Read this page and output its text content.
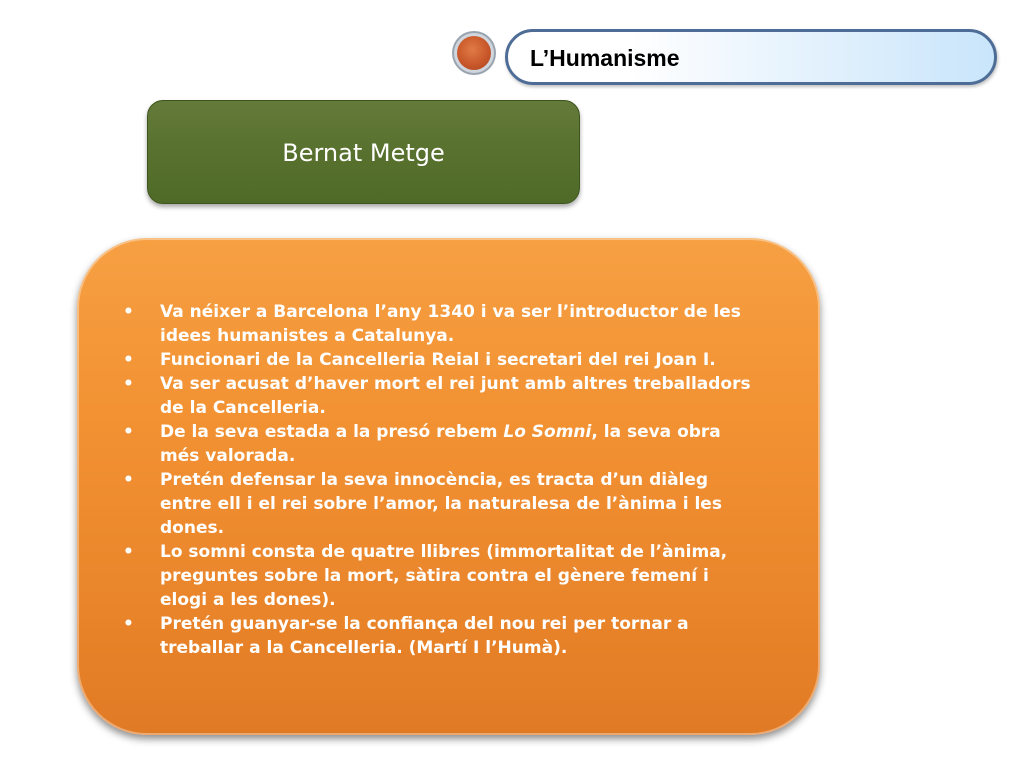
L’Humanisme
Bernat Metge
• Va néixer a Barcelona l’any 1340 i va ser l’introductor de les idees humanistes a Catalunya.
• Funcionari de la Cancelleria Reial i secretari del rei Joan I.
• Va ser acusat d’haver mort el rei junt amb altres treballadors de la Cancelleria.
• De la seva estada a la presó rebem Lo Somni, la seva obra més valorada.
• Pretén defensar la seva innocència, es tracta d’un diàleg entre ell i el rei sobre l’amor, la naturalesa de l’ànima i les dones.
• Lo somni consta de quatre llibres (immortalitat de l’ànima, preguntes sobre la mort, sàtira contra el gènere femení i elogi a les dones).
• Pretén guanyar-se la confiança del nou rei per tornar a treballar a la Cancelleria. (Martí I l’Humà).
